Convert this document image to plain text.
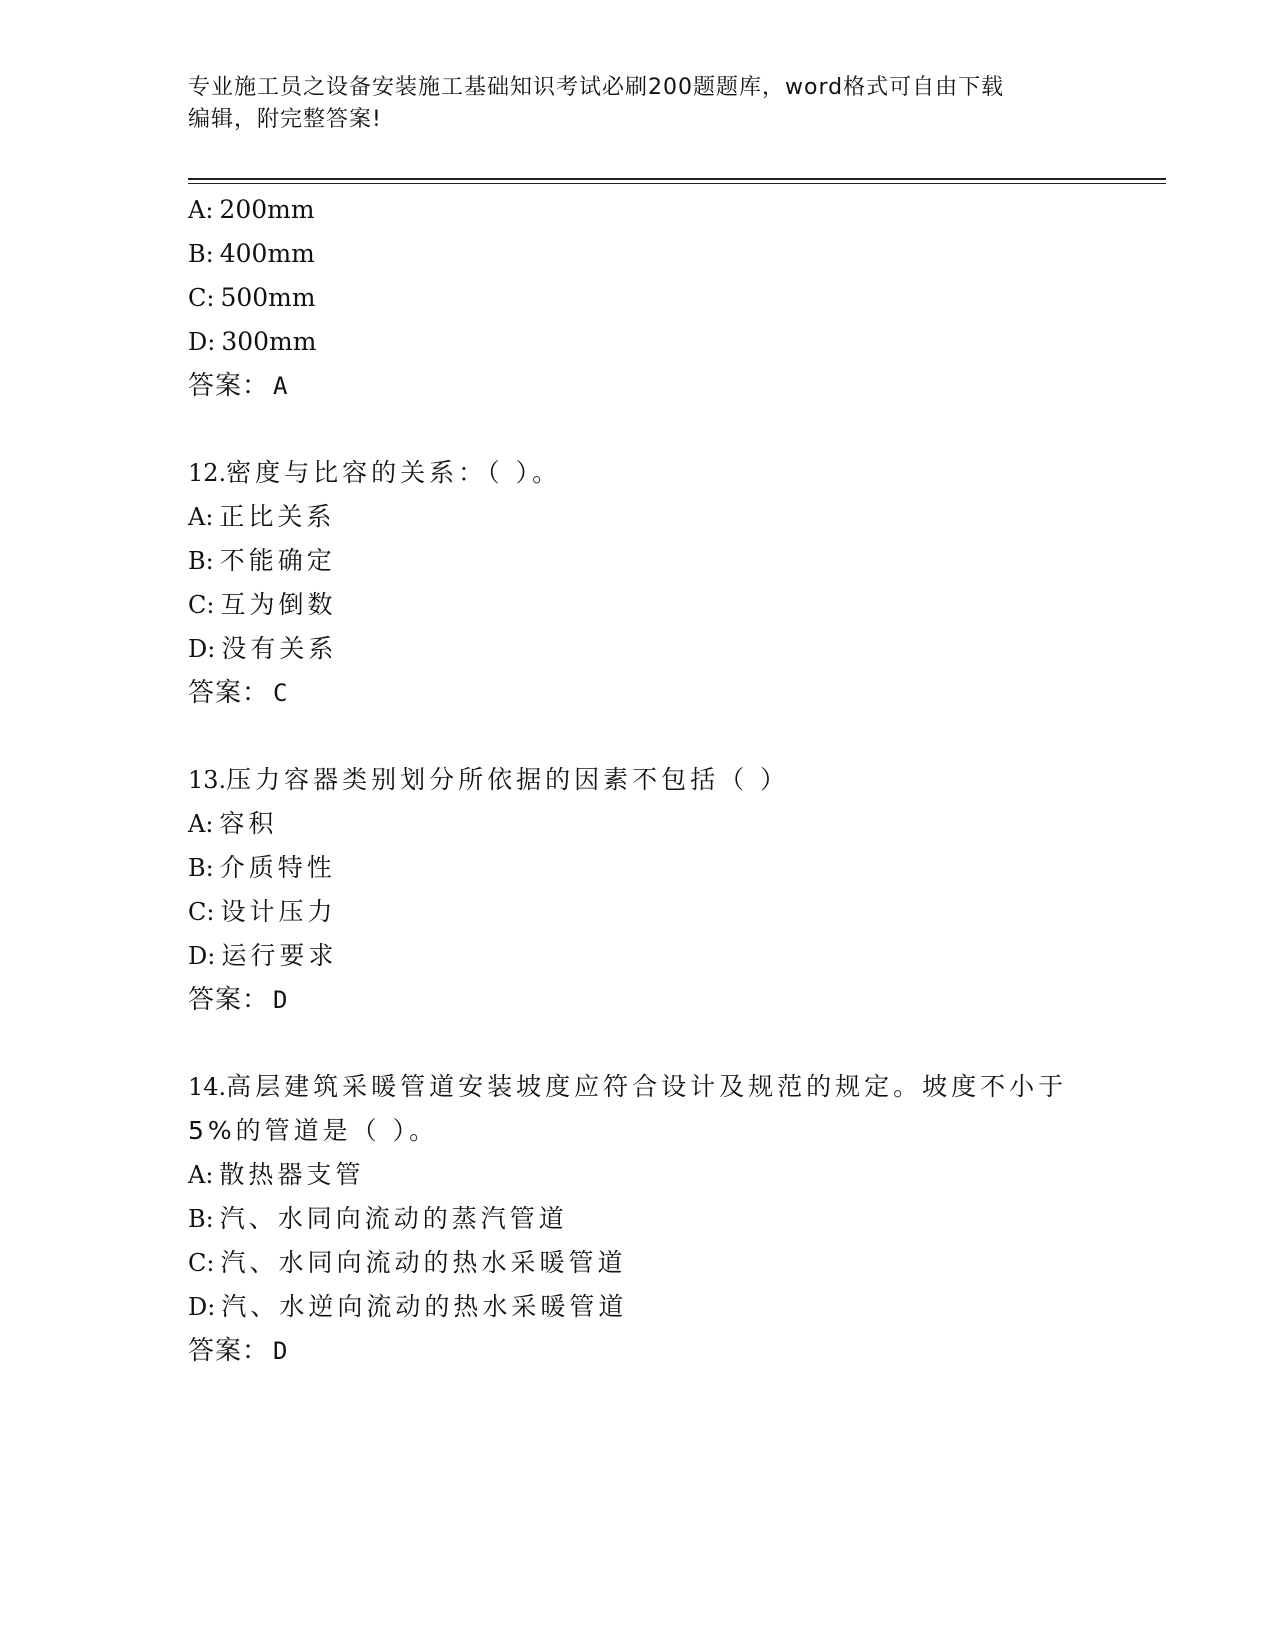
专业施工员之设备安装施工基础知识考试必刷200题题库，word格式可自由下载
编辑，附完整答案!
A: 200mm
B: 400mm
C: 500mm
D: 300mm
答案： A
12.密度与比容的关系：（ ）。
A: 正比关系
B: 不能确定
C: 互为倒数
D: 没有关系
答案： C
13.压力容器类别划分所依据的因素不包括（ ）
A: 容积
B: 介质特性
C: 设计压力
D: 运行要求
答案： D
14.高层建筑采暖管道安装坡度应符合设计及规范的规定。坡度不小于
5%的管道是（ ）。
A: 散热器支管
B: 汽、水同向流动的蒸汽管道
C: 汽、水同向流动的热水采暖管道
D: 汽、水逆向流动的热水采暖管道
答案： D
